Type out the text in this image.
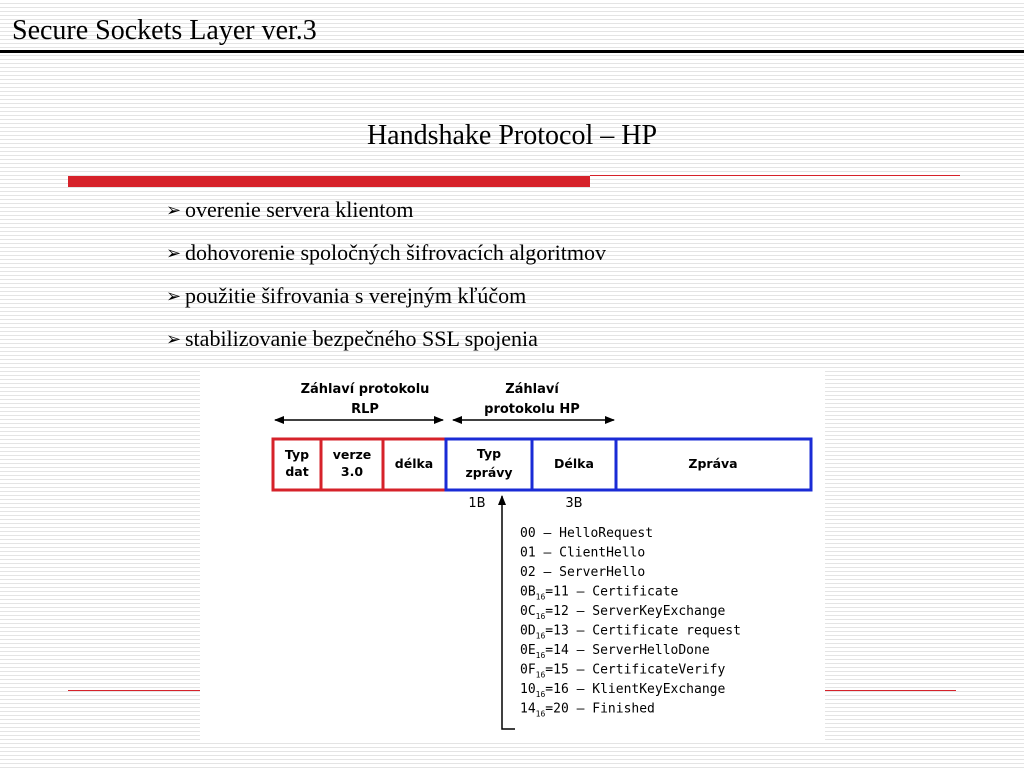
Secure Sockets Layer ver.3
Handshake Protocol – HP
➢ overenie servera klientom
➢ dohovorenie spoločných šifrovacích algoritmov
➢ použitie šifrovania s verejným kľúčom
➢ stabilizovanie bezpečného SSL spojenia
Záhlaví protokolu
RLP
Záhlaví
protokolu HP
Typ
dat
verze
3.0
délka
Typ
zprávy
Délka	Zpráva
1B	3B
00 – HelloRequest
01 – ClientHello
02 – ServerHello
$0B_{16}=11$ – Certificate
$0C_{16}=12$ – ServerKeyExchange
$0D_{16}=13$ – Certificate request
$0E_{16}=14$ – ServerHelloDone
$0F_{16}=15$ – CertificateVerify
$10_{16}=16$ – KlientKeyExchange
$14_{16}=20$ – Finished
